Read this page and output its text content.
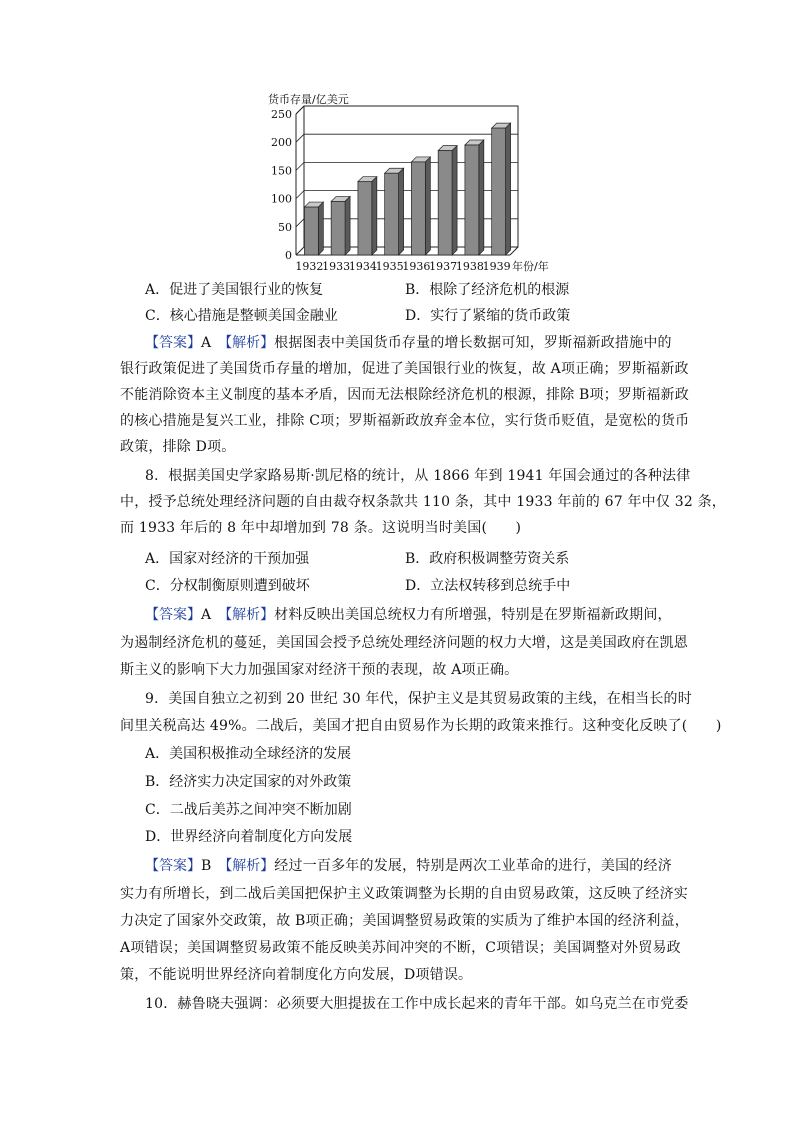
0
50
100
150
200
250
货币存量/亿美元
年份/年
1932
1933
1934
1935
1936
1937
1938
1939
A．促进了美国银行业的恢复	B．根除了经济危机的根源
C．核心措施是整顿美国金融业	D．实行了紧缩的货币政策
【答案】A　 【解析】根据图表中美国货币存量的增长数据可知，罗斯福新政措施中的
银行政策促进了美国货币存量的增加，促进了美国银行业的恢复，故 A项正确；罗斯福新政
不能消除资本主义制度的基本矛盾，因而无法根除经济危机的根源，排除 B项；罗斯福新政
的核心措施是复兴工业，排除 C项；罗斯福新政放弃金本位，实行货币贬值，是宽松的货币
政策，排除 D项。
8．根据美国史学家路易斯·凯尼格的统计，从 1866 年到 1941 年国会通过的各种法律
中，授予总统处理经济问题的自由裁夺权条款共 110 条，其中 1933 年前的 67 年中仅 32 条，
而 1933 年后的 8 年中却增加到 78 条。这说明当时美国(　　)
A．国家对经济的干预加强	B．政府积极调整劳资关系
C．分权制衡原则遭到破坏	D．立法权转移到总统手中
【答案】A　 【解析】材料反映出美国总统权力有所增强，特别是在罗斯福新政期间，
为遏制经济危机的蔓延，美国国会授予总统处理经济问题的权力大增，这是美国政府在凯恩
斯主义的影响下大力加强国家对经济干预的表现，故 A项正确。
9．美国自独立之初到 20 世纪 30 年代，保护主义是其贸易政策的主线，在相当长的时
间里关税高达 49%。二战后，美国才把自由贸易作为长期的政策来推行。这种变化反映了(　　)
A．美国积极推动全球经济的发展
B．经济实力决定国家的对外政策
C．二战后美苏之间冲突不断加剧
D．世界经济向着制度化方向发展
【答案】B　 【解析】经过一百多年的发展，特别是两次工业革命的进行，美国的经济
实力有所增长，到二战后美国把保护主义政策调整为长期的自由贸易政策，这反映了经济实
力决定了国家外交政策，故 B项正确；美国调整贸易政策的实质为了维护本国的经济利益，
A项错误；美国调整贸易政策不能反映美苏间冲突的不断，C项错误；美国调整对外贸易政
策，不能说明世界经济向着制度化方向发展，D项错误。
10．赫鲁晓夫强调：必须要大胆提拔在工作中成长起来的青年干部。如乌克兰在市党委
